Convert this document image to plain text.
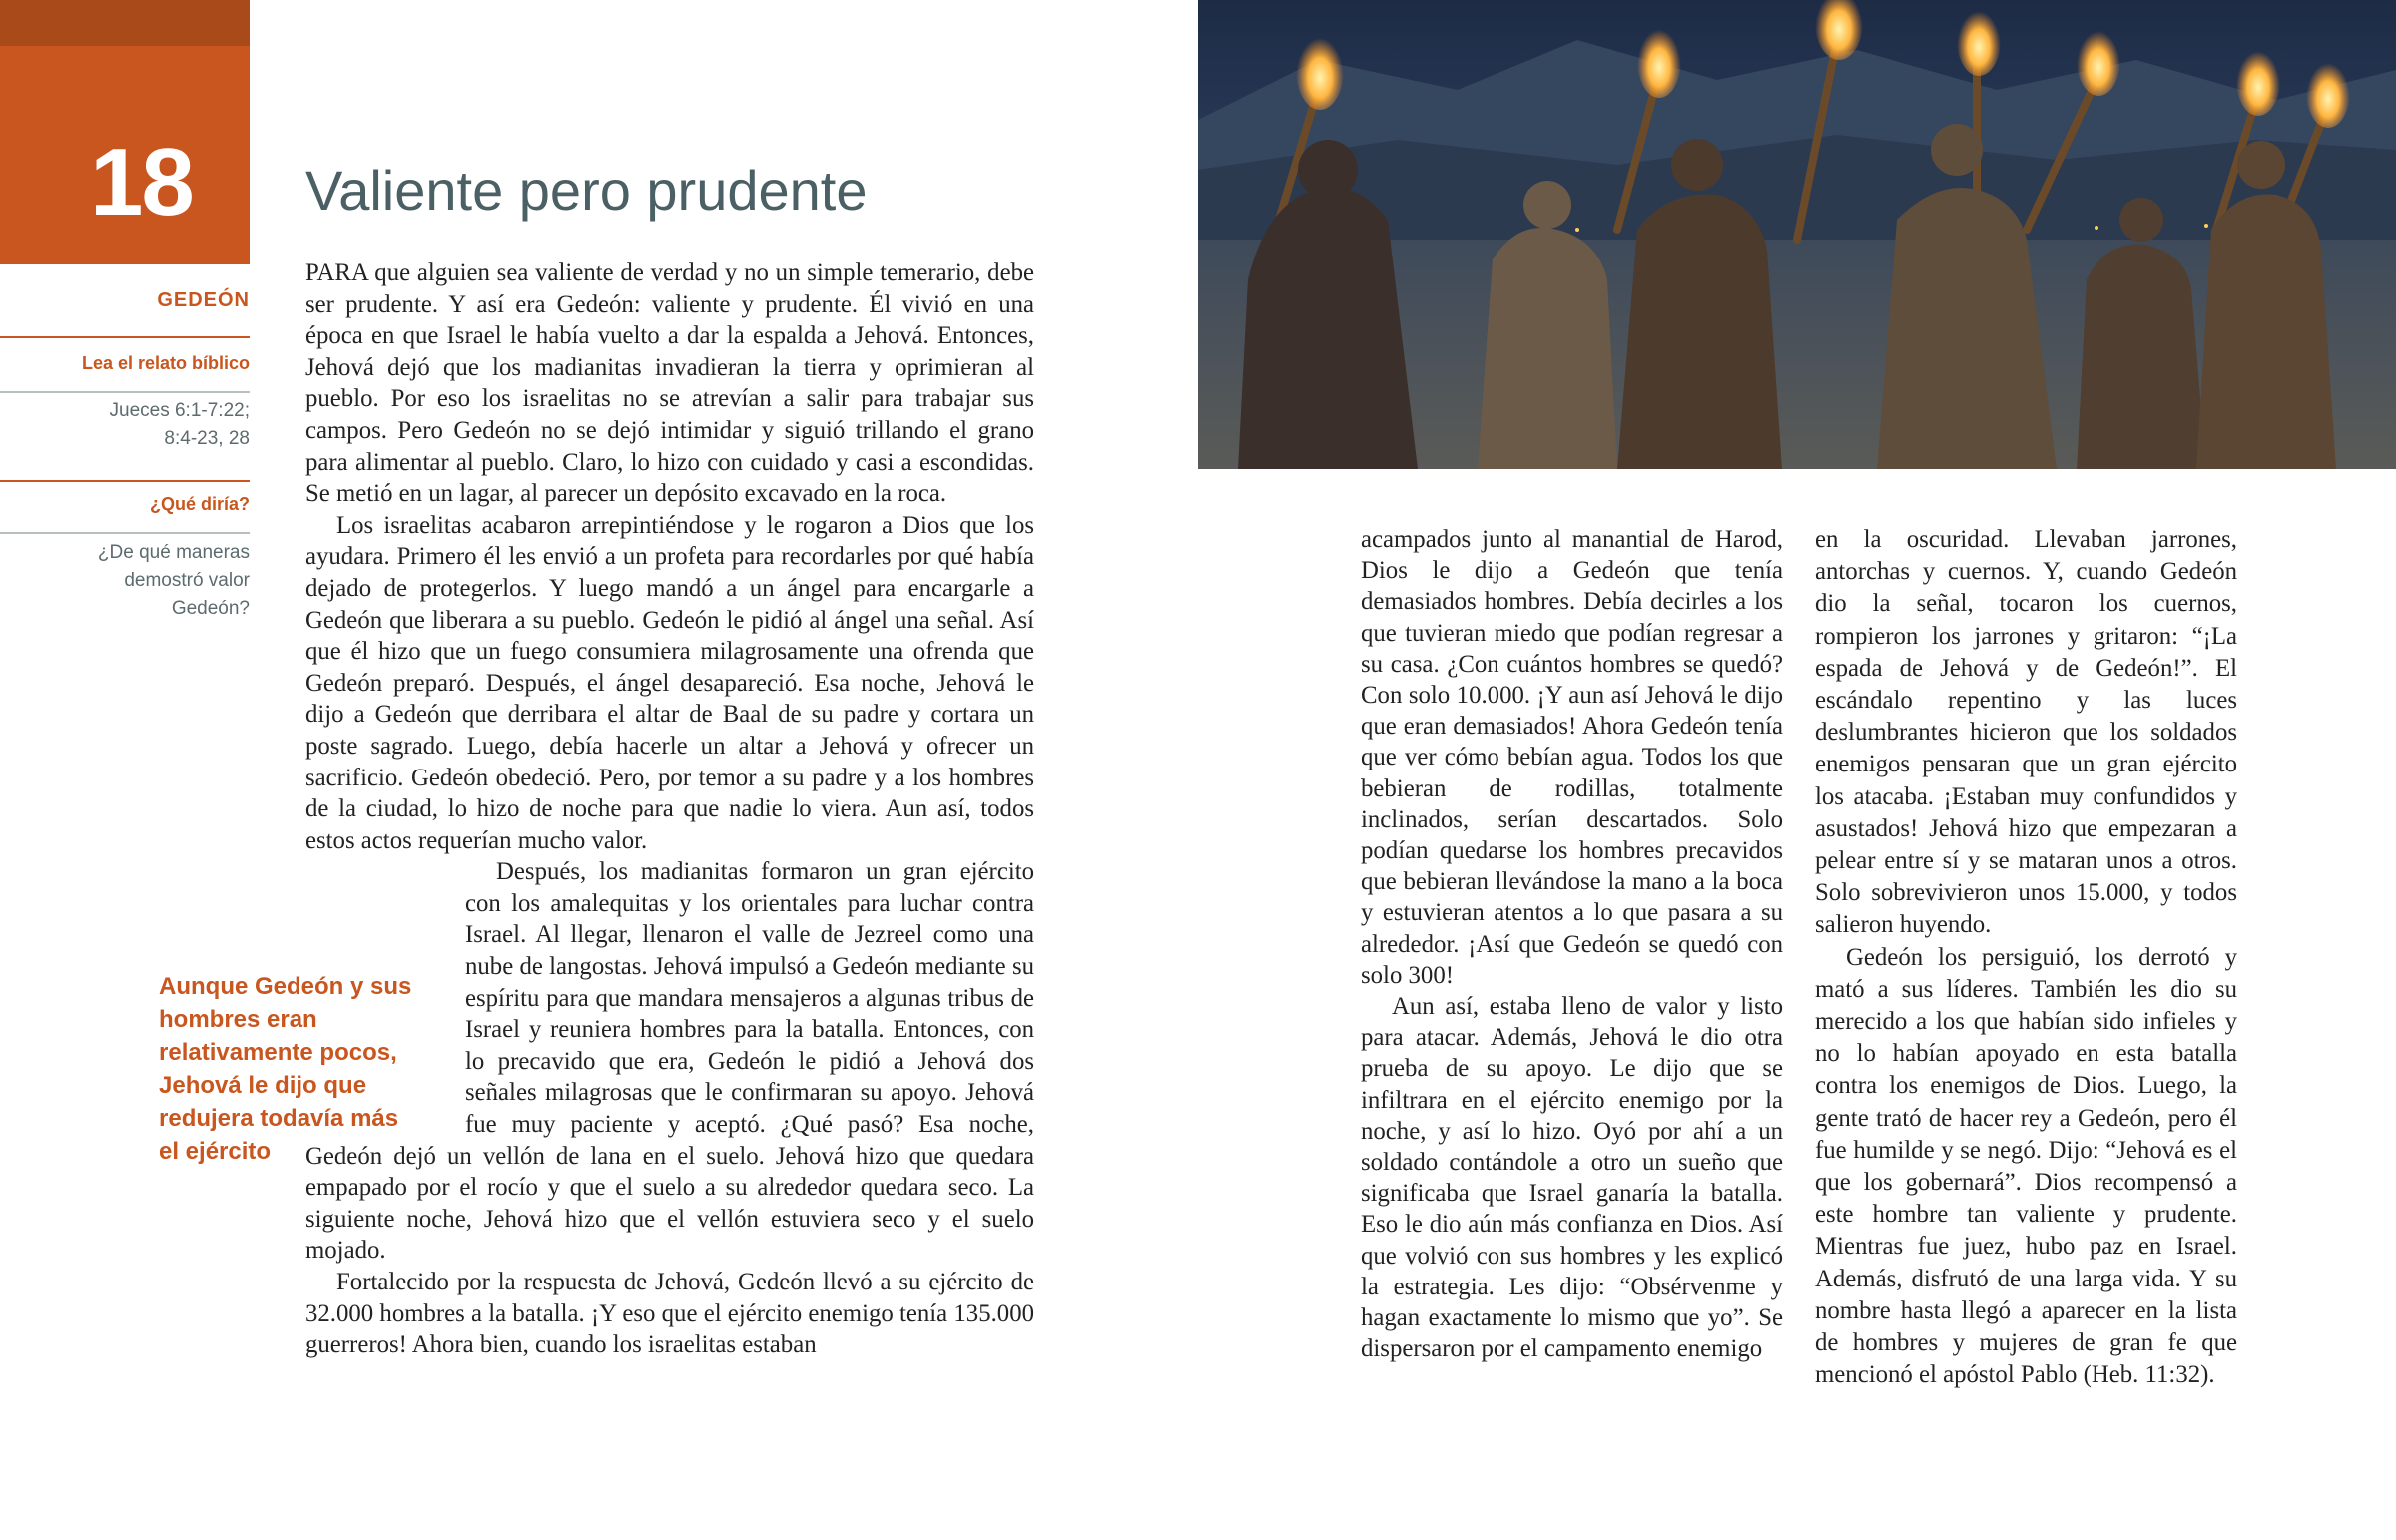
18 Valiente pero prudente
GEDEÓN
Lea el relato bíblico
Jueces 6:1-7:22;
8:4-23, 28
¿Qué diría?
¿De qué maneras
demostró valor
Gedeón?
Aunque Gedeón y sus hombres eran relativamente pocos, Jehová le dijo que redujera todavía más el ejército

PARA que alguien sea valiente de verdad y no un simple temerario, debe ser prudente. Y así era Gedeón: valiente y prudente. Él vivió en una época en que Israel le había vuelto a dar la espalda a Jehová. Entonces, Jehová dejó que los madianitas invadieran la tierra y oprimieran al pueblo. Por eso los israelitas no se atrevían a salir para trabajar sus campos. Pero Gedeón no se dejó intimidar y siguió trillando el grano para alimentar al pueblo. Claro, lo hizo con cuidado y casi a escondidas. Se metió en un lagar, al parecer un depósito excavado en la roca.

Los israelitas acabaron arrepintiéndose y le rogaron a Dios que los ayudara. Primero él les envió a un profeta para recordarles por qué había dejado de protegerlos. Y luego mandó a un ángel para encargarle a Gedeón que liberara a su pueblo. Gedeón le pidió al ángel una señal. Así que él hizo que un fuego consumiera milagrosamente una ofrenda que Gedeón preparó. Después, el ángel desapareció. Esa noche, Jehová le dijo a Gedeón que derribara el altar de Baal de su padre y cortara un poste sagrado. Luego, debía hacerle un altar a Jehová y ofrecer un sacrificio. Gedeón obedeció. Pero, por temor a su padre y a los hombres de la ciudad, lo hizo de noche para que nadie lo viera. Aun así, todos estos actos requerían mucho valor.

Después, los madianitas formaron un gran ejército con los amalequitas y los orientales para luchar contra Israel. Al llegar, llenaron el valle de Jezreel como una nube de langostas. Jehová impulsó a Gedeón mediante su espíritu para que mandara mensajeros a algunas tribus de Israel y reuniera hombres para la batalla. Entonces, con lo precavido que era, Gedeón le pidió a Jehová dos señales milagrosas que le confirmaran su apoyo. Jehová fue muy paciente y aceptó. ¿Qué pasó? Esa noche, Gedeón dejó un vellón de lana en el suelo. Jehová hizo que quedara empapado por el rocío y que el suelo a su alrededor quedara seco. La siguiente noche, Jehová hizo que el vellón estuviera seco y el suelo mojado.

Fortalecido por la respuesta de Jehová, Gedeón llevó a su ejército de 32.000 hombres a la batalla. ¡Y eso que el ejército enemigo tenía 135.000 guerreros! Ahora bien, cuando los israelitas estaban

acampados junto al manantial de Harod, Dios le dijo a Gedeón que tenía demasiados hombres. Debía decirles a los que tuvieran miedo que podían regresar a su casa. ¿Con cuántos hombres se quedó? Con solo 10.000. ¡Y aun así Jehová le dijo que eran demasiados! Ahora Gedeón tenía que ver cómo bebían agua. Todos los que bebieran de rodillas, totalmente inclinados, serían descartados. Solo podían quedarse los hombres precavidos que bebieran llevándose la mano a la boca y estuvieran atentos a lo que pasara a su alrededor. ¡Así que Gedeón se quedó con solo 300!

Aun así, estaba lleno de valor y listo para atacar. Además, Jehová le dio otra prueba de su apoyo. Le dijo que se infiltrara en el ejército enemigo por la noche, y así lo hizo. Oyó por ahí a un soldado contándole a otro un sueño que significaba que Israel ganaría la batalla. Eso le dio aún más confianza en Dios. Así que volvió con sus hombres y les explicó la estrategia. Les dijo: “Obsérvenme y hagan exactamente lo mismo que yo”. Se dispersaron por el campamento enemigo

en la oscuridad. Llevaban jarrones, antorchas y cuernos. Y, cuando Gedeón dio la señal, tocaron los cuernos, rompieron los jarrones y gritaron: “¡La espada de Jehová y de Gedeón!”. El escándalo repentino y las luces deslumbrantes hicieron que los soldados enemigos pensaran que un gran ejército los atacaba. ¡Estaban muy confundidos y asustados! Jehová hizo que empezaran a pelear entre sí y se mataran unos a otros. Solo sobrevivieron unos 15.000, y todos salieron huyendo.

Gedeón los persiguió, los derrotó y mató a sus líderes. También les dio su merecido a los que habían sido infieles y no lo habían apoyado en esta batalla contra los enemigos de Dios. Luego, la gente trató de hacer rey a Gedeón, pero él fue humilde y se negó. Dijo: “Jehová es el que los gobernará”. Dios recompensó a este hombre tan valiente y prudente. Mientras fue juez, hubo paz en Israel. Además, disfrutó de una larga vida. Y su nombre hasta llegó a aparecer en la lista de hombres y mujeres de gran fe que mencionó el apóstol Pablo (Heb. 11:32).
